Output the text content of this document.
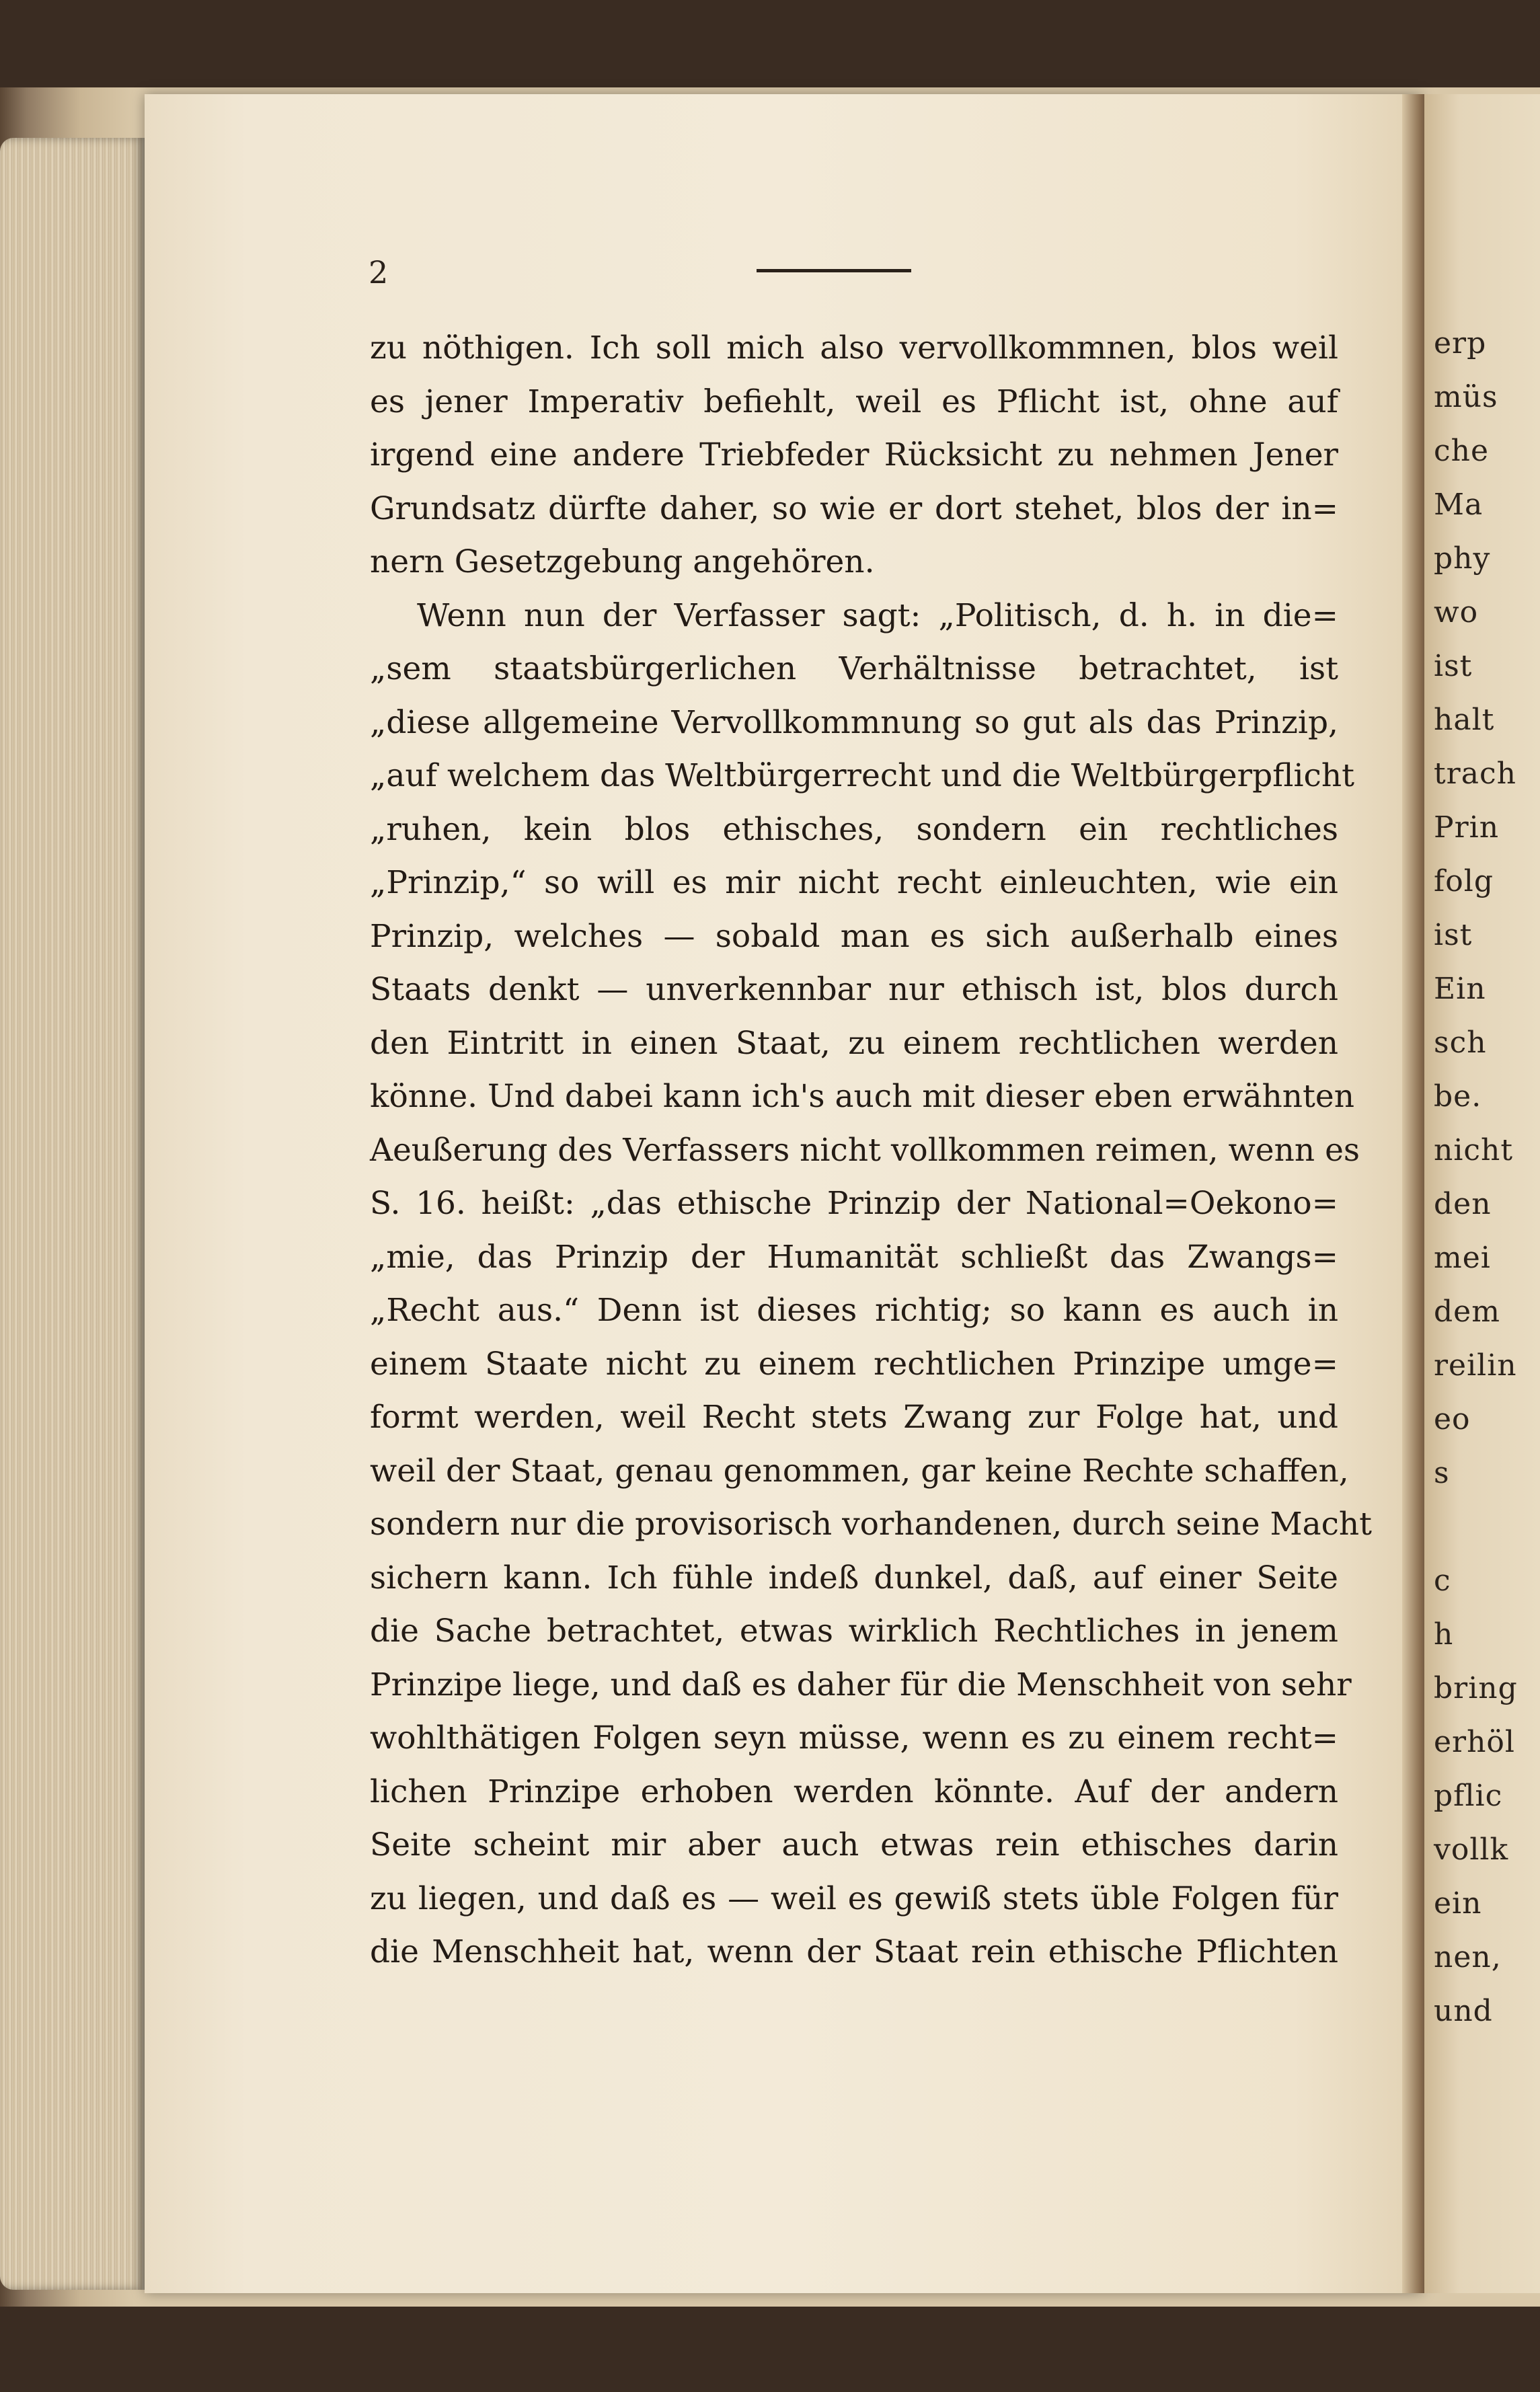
2
zu nöthigen. Ich soll mich also vervollkommnen, blos weil
es jener Imperativ befiehlt, weil es Pflicht ist, ohne auf
irgend eine andere Triebfeder Rücksicht zu nehmen Jener
Grundsatz dürfte daher, so wie er dort stehet, blos der in=
nern Gesetzgebung angehören.
Wenn nun der Verfasser sagt: „Politisch, d. h. in die=
„sem staatsbürgerlichen Verhältnisse betrachtet, ist
„diese allgemeine Vervollkommnung so gut als das Prinzip,
„auf welchem das Weltbürgerrecht und die Weltbürgerpflicht
„ruhen, kein blos ethisches, sondern ein rechtliches
„Prinzip,“ so will es mir nicht recht einleuchten, wie ein
Prinzip, welches — sobald man es sich außerhalb eines
Staats denkt — unverkennbar nur ethisch ist, blos durch
den Eintritt in einen Staat, zu einem rechtlichen werden
könne. Und dabei kann ich's auch mit dieser eben erwähnten
Aeußerung des Verfassers nicht vollkommen reimen, wenn es
S. 16. heißt: „das ethische Prinzip der National=Oekono=
„mie, das Prinzip der Humanität schließt das Zwangs=
„Recht aus.“ Denn ist dieses richtig; so kann es auch in
einem Staate nicht zu einem rechtlichen Prinzipe umge=
formt werden, weil Recht stets Zwang zur Folge hat, und
weil der Staat, genau genommen, gar keine Rechte schaffen,
sondern nur die provisorisch vorhandenen, durch seine Macht
sichern kann. Ich fühle indeß dunkel, daß, auf einer Seite
die Sache betrachtet, etwas wirklich Rechtliches in jenem
Prinzipe liege, und daß es daher für die Menschheit von sehr
wohlthätigen Folgen seyn müsse, wenn es zu einem recht=
lichen Prinzipe erhoben werden könnte. Auf der andern
Seite scheint mir aber auch etwas rein ethisches darin
zu liegen, und daß es — weil es gewiß stets üble Folgen für
die Menschheit hat, wenn der Staat rein ethische Pflichten
erp
müs
che
Ma
phy
wo
ist
halt
trach
Prin
folg
ist
Ein
sch
be.
nicht
den
mei
dem
reilin
eo
s
c
h
bring
erhöl
pflic
vollk
ein
nen,
und
